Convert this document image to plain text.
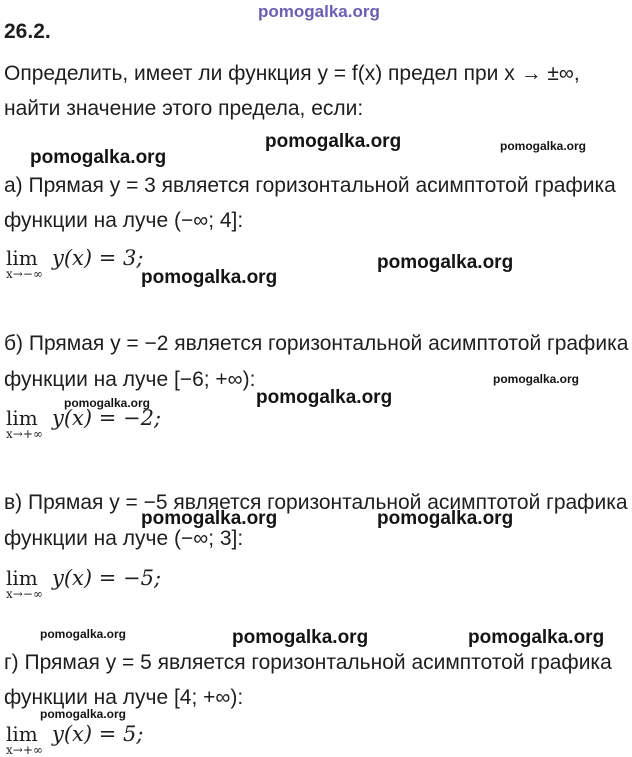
pomogalka.org
26.2.
Определить, имеет ли функция y = f(x) предел при x → ±∞,
найти значение этого предела, если:
pomogalka.org	pomogalka.org
pomogalka.org
а) Прямая y = 3 является горизонтальной асимптотой графика
функции на луче (−∞; 4]:
lim
x→−∞
y(x) = 3;	pomogalka.org
pomogalka.org
б) Прямая y = −2 является горизонтальной асимптотой графика
функции на луче [−6; +∞):	pomogalka.org
pomogalka.org
pomogalka.org
lim
x→+∞
y(x) = −2;
в) Прямая y = −5 является горизонтальной асимптотой графика
pomogalka.org	pomogalka.org
функции на луче (−∞; 3]:
lim
x→−∞
y(x) = −5;
pomogalka.org	pomogalka.org	pomogalka.org
г) Прямая y = 5 является горизонтальной асимптотой графика
функции на луче [4; +∞):
pomogalka.org
lim
x→+∞
y(x) = 5;
